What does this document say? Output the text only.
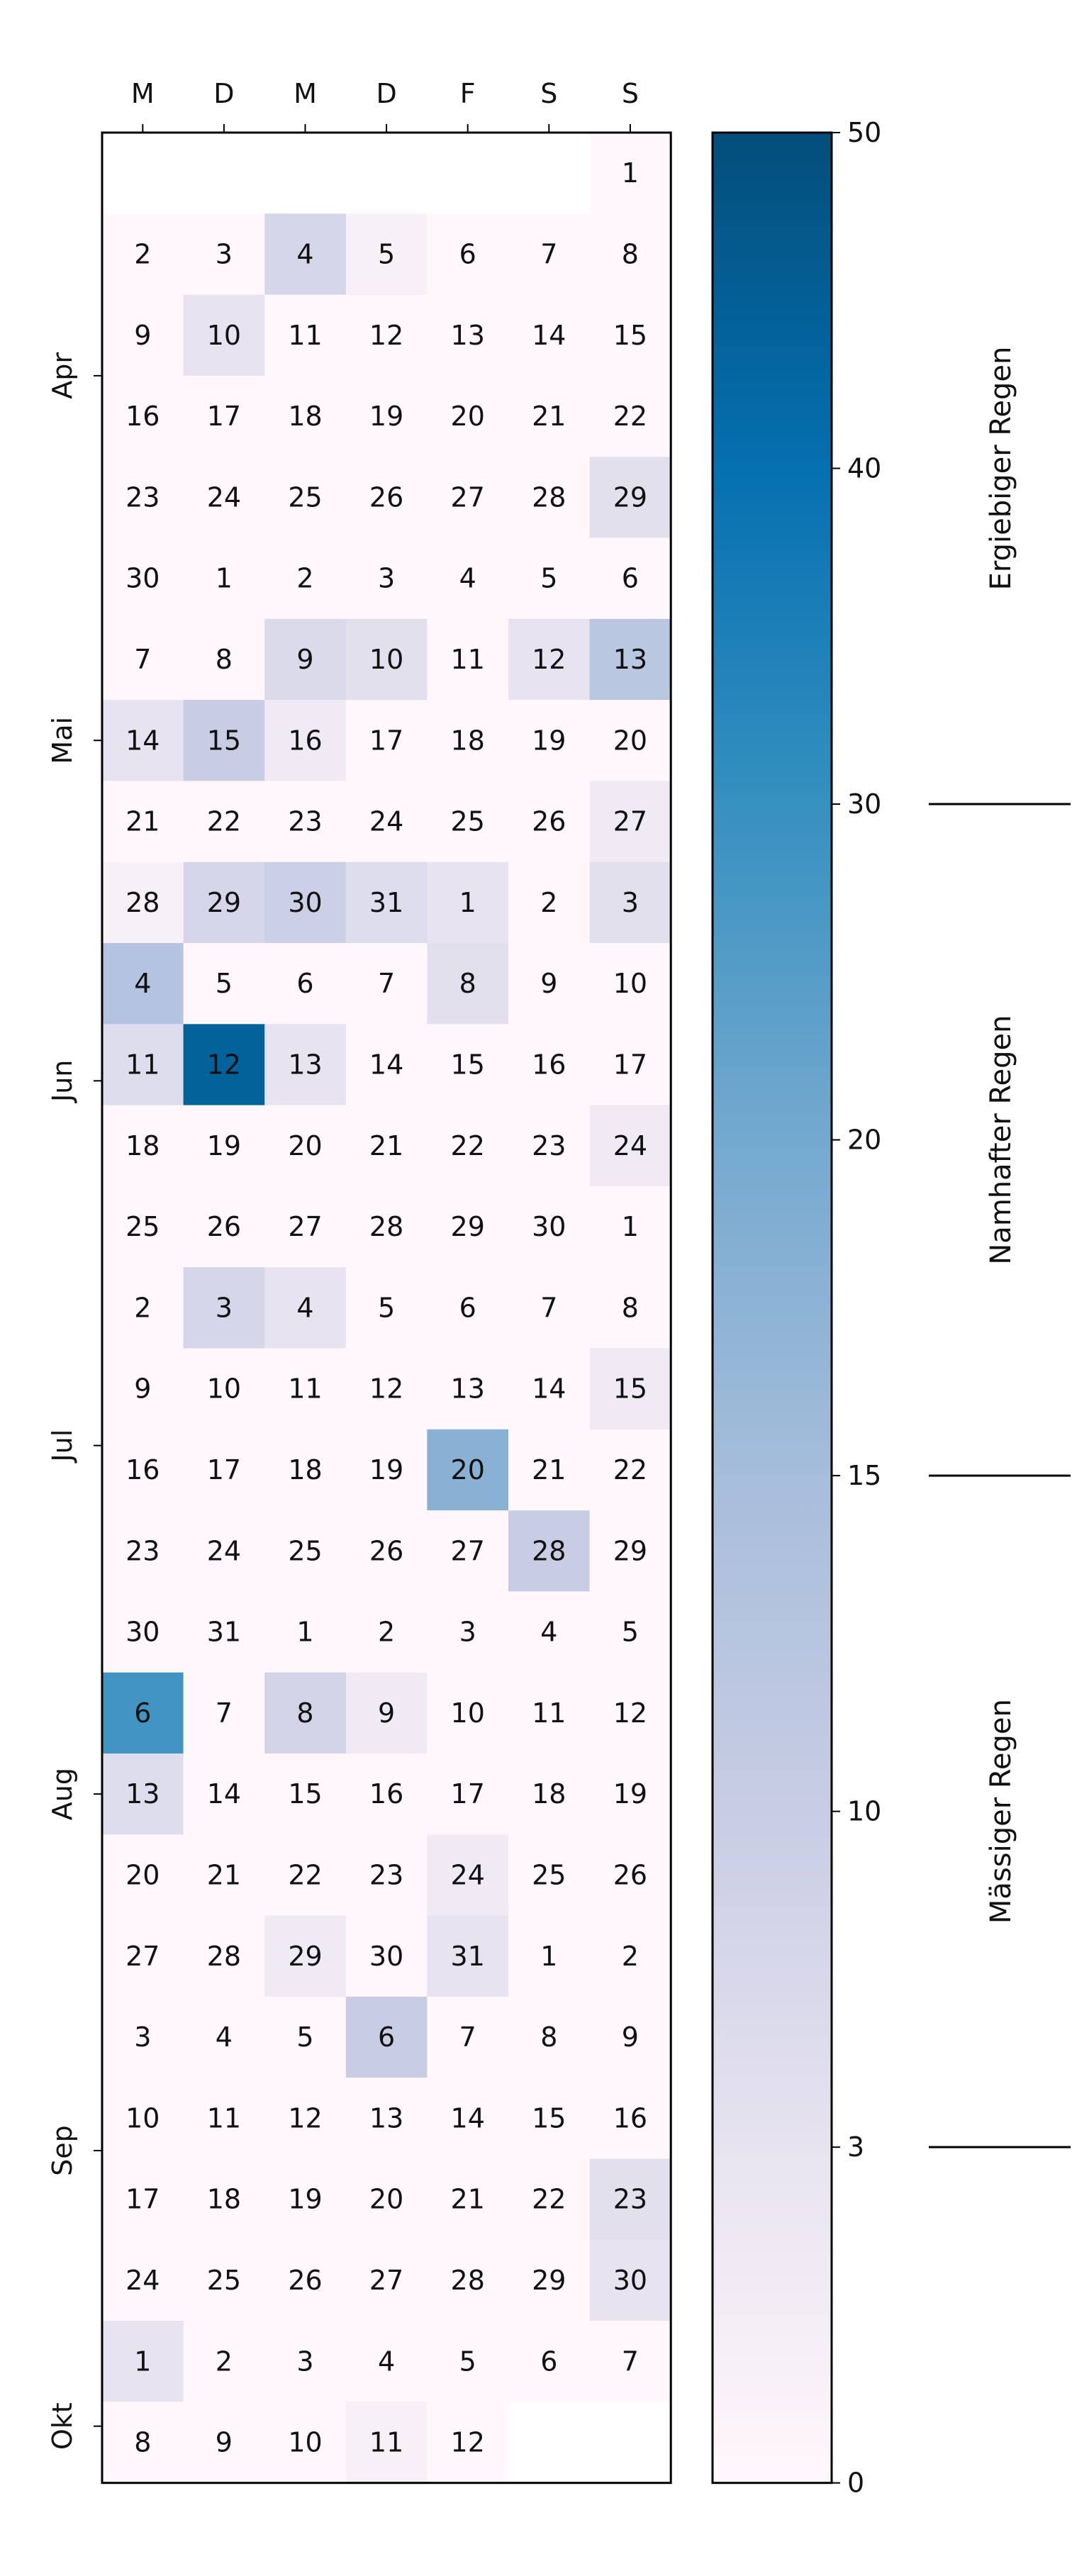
1
2 3 4 5 6 7 8
9 10 11 12 13 14 15
16 17 18 19 20 21 22
23 24 25 26 27 28 29
30 1 2 3 4 5 6
7 8 9 10 11 12 13
14 15 16 17 18 19 20
21 22 23 24 25 26 27
28 29 30 31 1 2 3
4 5 6 7 8 9 10
11 12 13 14 15 16 17
18 19 20 21 22 23 24
25 26 27 28 29 30 1
2 3 4 5 6 7 8
9 10 11 12 13 14 15
16 17 18 19 20 21 22
23 24 25 26 27 28 29
30 31 1 2 3 4 5
6 7 8 9 10 11 12
13 14 15 16 17 18 19
20 21 22 23 24 25 26
27 28 29 30 31 1 2
3 4 5 6 7 8 9
10 11 12 13 14 15 16
17 18 19 20 21 22 23
24 25 26 27 28 29 30
1 2 3 4 5 6 7
8 9 10 11 12
M D M D F S S
Apr
Mai
Jun
Jul
Aug
Sep
Okt
0
3
10
15
20
30
40
50
Mässiger Regen
Namhafter Regen
Ergiebiger Regen
